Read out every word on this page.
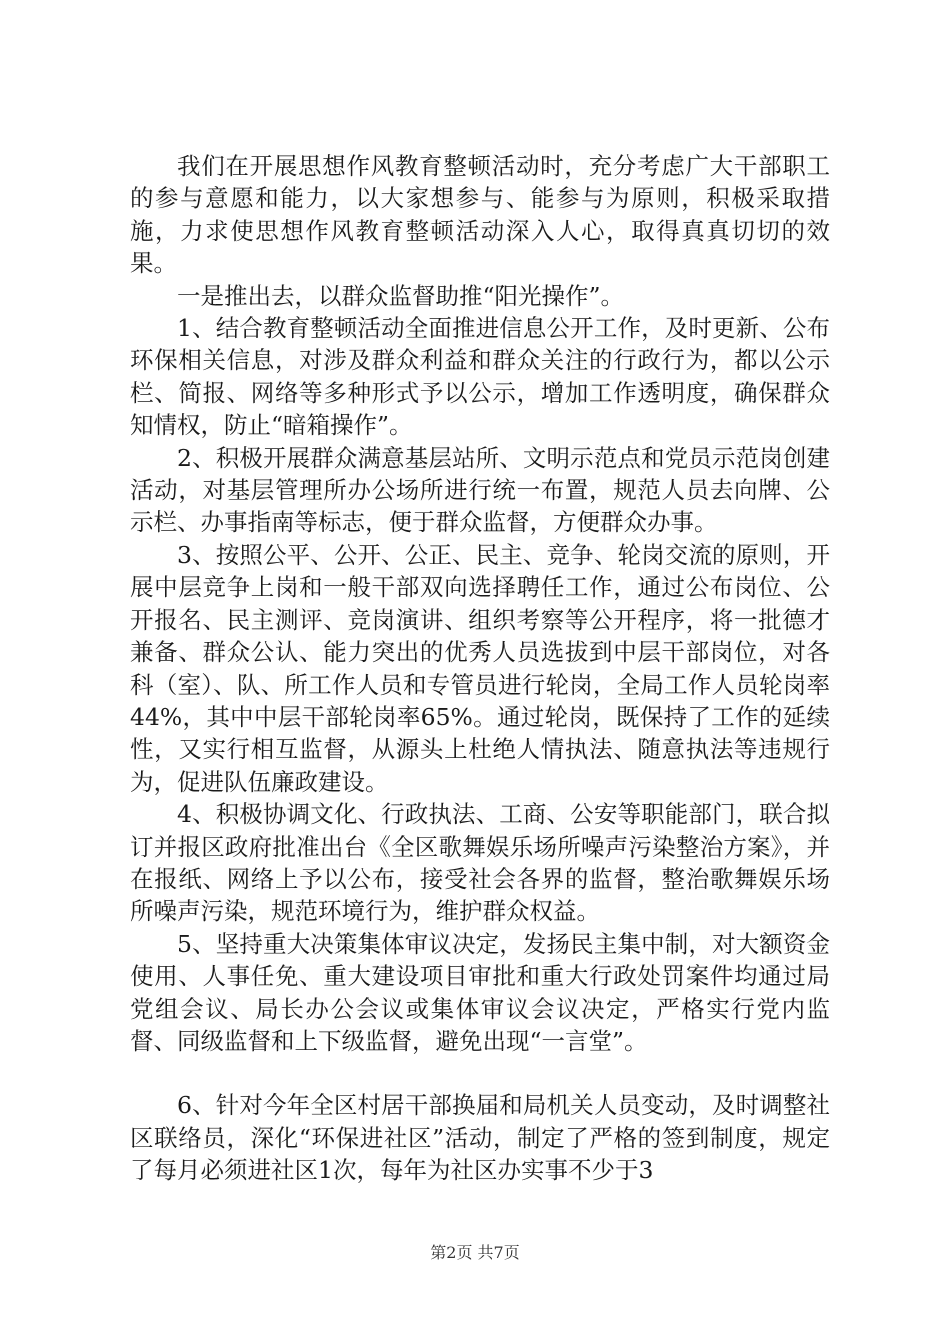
我们在开展思想作风教育整顿活动时，充分考虑广大干部职工的参与意愿和能力，以大家想参与、能参与为原则，积极采取措施，力求使思想作风教育整顿活动深入人心，取得真真切切的效果。

一是推出去，以群众监督助推“阳光操作”。

1、结合教育整顿活动全面推进信息公开工作，及时更新、公布环保相关信息，对涉及群众利益和群众关注的行政行为，都以公示栏、简报、网络等多种形式予以公示，增加工作透明度，确保群众知情权，防止“暗箱操作”。

2、积极开展群众满意基层站所、文明示范点和党员示范岗创建活动，对基层管理所办公场所进行统一布置，规范人员去向牌、公示栏、办事指南等标志，便于群众监督，方便群众办事。

3、按照公平、公开、公正、民主、竞争、轮岗交流的原则，开展中层竞争上岗和一般干部双向选择聘任工作，通过公布岗位、公开报名、民主测评、竞岗演讲、组织考察等公开程序，将一批德才兼备、群众公认、能力突出的优秀人员选拔到中层干部岗位，对各科（室）、队、所工作人员和专管员进行轮岗，全局工作人员轮岗率44%，其中中层干部轮岗率65%。通过轮岗，既保持了工作的延续性，又实行相互监督，从源头上杜绝人情执法、随意执法等违规行为，促进队伍廉政建设。

4、积极协调文化、行政执法、工商、公安等职能部门，联合拟订并报区政府批准出台《全区歌舞娱乐场所噪声污染整治方案》，并在报纸、网络上予以公布，接受社会各界的监督，整治歌舞娱乐场所噪声污染，规范环境行为，维护群众权益。

5、坚持重大决策集体审议决定，发扬民主集中制，对大额资金使用、人事任免、重大建设项目审批和重大行政处罚案件均通过局党组会议、局长办公会议或集体审议会议决定，严格实行党内监督、同级监督和上下级监督，避免出现“一言堂”。

6、针对今年全区村居干部换届和局机关人员变动，及时调整社区联络员，深化“环保进社区”活动，制定了严格的签到制度，规定了每月必须进社区1次，每年为社区办实事不少于3

第2页 共7页
